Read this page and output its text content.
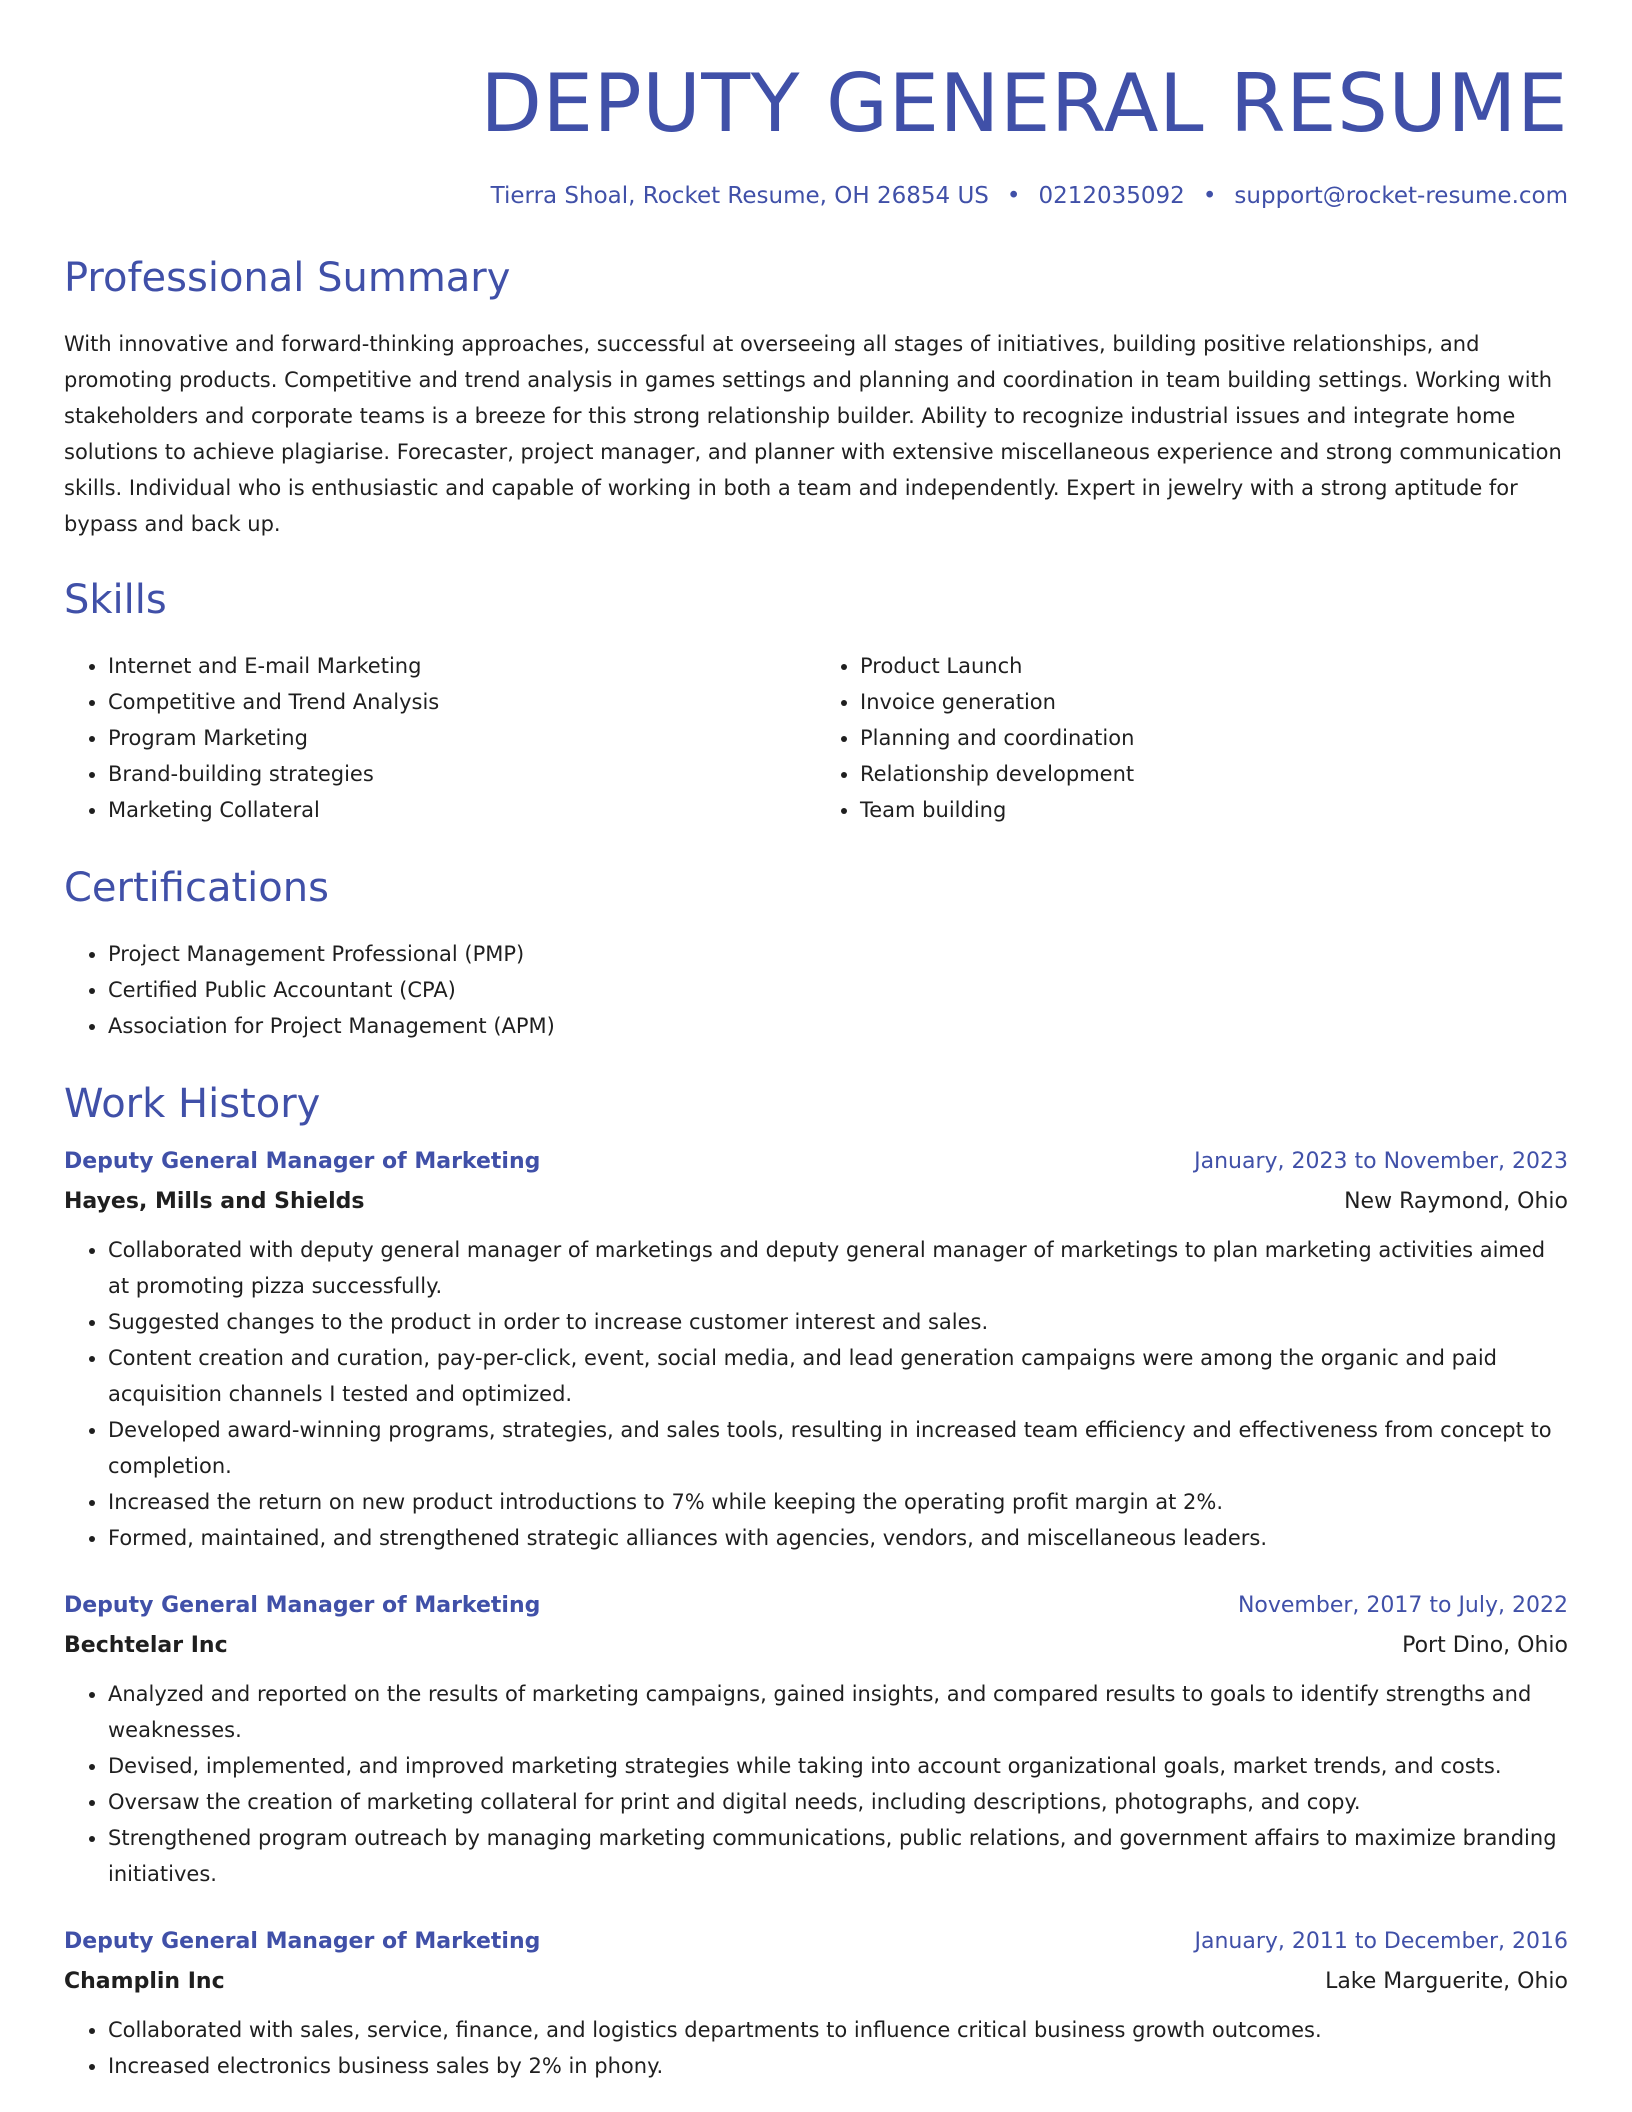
DEPUTY GENERAL RESUME
Tierra Shoal, Rocket Resume, OH 26854 US • 0212035092 • support@rocket-resume.com
Professional Summary

With innovative and forward-thinking approaches, successful at overseeing all stages of initiatives, building positive relationships, and promoting products. Competitive and trend analysis in games settings and planning and coordination in team building settings. Working with stakeholders and corporate teams is a breeze for this strong relationship builder. Ability to recognize industrial issues and integrate home solutions to achieve plagiarise. Forecaster, project manager, and planner with extensive miscellaneous experience and strong communication skills. Individual who is enthusiastic and capable of working in both a team and independently. Expert in jewelry with a strong aptitude for bypass and back up.

Skills
• Internet and E-mail Marketing
• Competitive and Trend Analysis
• Program Marketing
• Brand-building strategies
• Marketing Collateral
• Product Launch
• Invoice generation
• Planning and coordination
• Relationship development
• Team building
Certifications
• Project Management Professional (PMP)
• Certified Public Accountant (CPA)
• Association for Project Management (APM)
Work History
Deputy General Manager of Marketing	January, 2023 to November, 2023
Hayes, Mills and Shields	New Raymond, Ohio
• Collaborated with deputy general manager of marketings and deputy general manager of marketings to plan marketing activities aimed at promoting pizza successfully.
• Suggested changes to the product in order to increase customer interest and sales.
• Content creation and curation, pay-per-click, event, social media, and lead generation campaigns were among the organic and paid acquisition channels I tested and optimized.
• Developed award-winning programs, strategies, and sales tools, resulting in increased team efficiency and effectiveness from concept to completion.
• Increased the return on new product introductions to 7% while keeping the operating profit margin at 2%.
• Formed, maintained, and strengthened strategic alliances with agencies, vendors, and miscellaneous leaders.
Deputy General Manager of Marketing	November, 2017 to July, 2022
Bechtelar Inc	Port Dino, Ohio
• Analyzed and reported on the results of marketing campaigns, gained insights, and compared results to goals to identify strengths and weaknesses.
• Devised, implemented, and improved marketing strategies while taking into account organizational goals, market trends, and costs.
• Oversaw the creation of marketing collateral for print and digital needs, including descriptions, photographs, and copy.
• Strengthened program outreach by managing marketing communications, public relations, and government affairs to maximize branding initiatives.
Deputy General Manager of Marketing	January, 2011 to December, 2016
Champlin Inc	Lake Marguerite, Ohio
• Collaborated with sales, service, finance, and logistics departments to influence critical business growth outcomes.
• Increased electronics business sales by 2% in phony.
